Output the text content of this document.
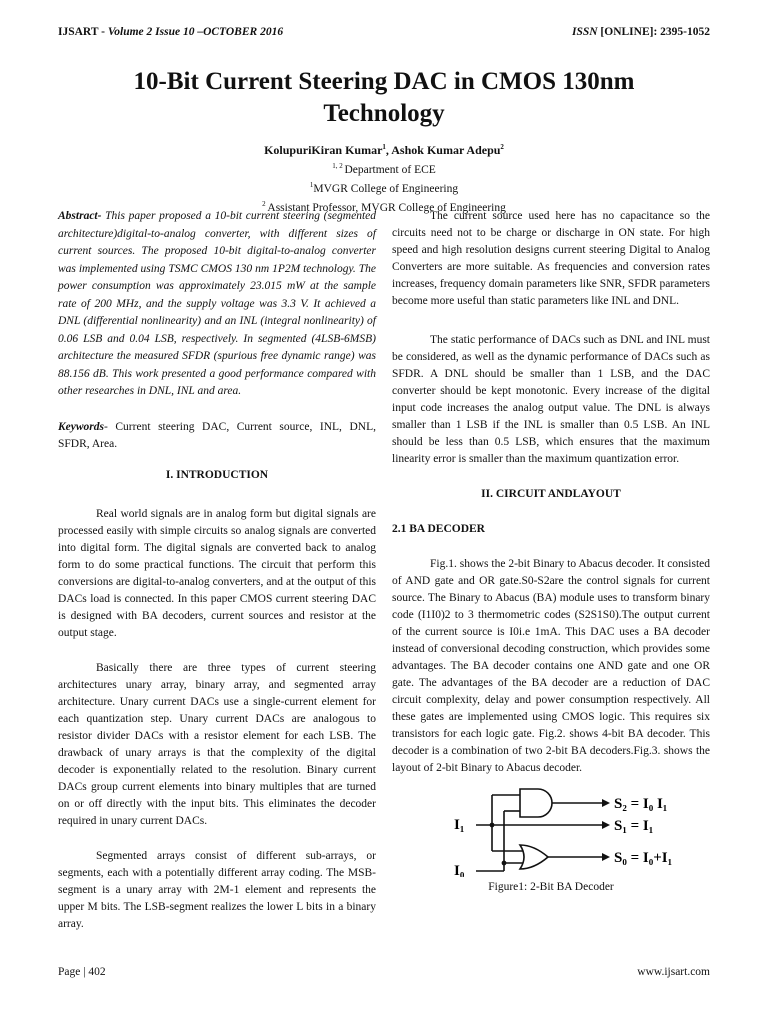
IJSART - Volume 2 Issue 10 –OCTOBER 2016	ISSN [ONLINE]: 2395-1052
10-Bit Current Steering DAC in CMOS 130nm
Technology
KolupuriKiran Kumar$^1$, Ashok Kumar Adepu$^2$
$^{1, 2}$ Department of ECE
$^1$MVGR College of Engineering
$^2$ Assistant Professor, MVGR College of Engineering

Abstract- This paper proposed a 10-bit current steering (segmented architecture)digital-to-analog converter, with different sizes of current sources. The proposed 10-bit digital-to-analog converter was implemented using TSMC CMOS 130 nm 1P2M technology. The power consumption was approximately 23.015 mW at the sample rate of 200 MHz, and the supply voltage was 3.3 V. It achieved a DNL (differential nonlinearity) and an INL (integral nonlinearity) of 0.06 LSB and 0.04 LSB, respectively. In segmented (4LSB-6MSB) architecture the measured SFDR (spurious free dynamic range) was 88.156 dB. This work presented a good performance compared with other researches in DNL, INL and area.

Keywords- Current steering DAC, Current source, INL, DNL, SFDR, Area.

I. INTRODUCTION

Real world signals are in analog form but digital signals are processed easily with simple circuits so analog signals are converted into digital form. The digital signals are converted back to analog form to do some practical functions. The circuit that perform this conversions are digital-to-analog converters, and at the output of this DACs load is connected. In this paper CMOS current steering DAC is designed with BA decoders, current sources and resistor at the output stage.

Basically there are three types of current steering architectures unary array, binary array, and segmented array architecture. Unary current DACs use a single-current element for each quantization step. Unary current DACs are analogous to resistor divider DACs with a resistor element for each LSB. The drawback of unary arrays is that the complexity of the digital decoder is exponentially related to the resolution. Binary current DACs group current elements into binary multiples that are turned on or off directly with the input bits. This eliminates the decoder required in unary current DACs.

Segmented arrays consist of different sub-arrays, or segments, each with a potentially different array coding. The MSB-segment is a unary array with 2M-1 element and represents the upper M bits. The LSB-segment realizes the lower L bits in a binary array.

The current source used here has no capacitance so the circuits need not to be charge or discharge in ON state. For high speed and high resolution designs current steering Digital to Analog Converters are more suitable. As frequencies and conversion rates increases, frequency domain parameters like SNR, SFDR parameters become more useful than static parameters like INL and DNL.

The static performance of DACs such as DNL and INL must be considered, as well as the dynamic performance of DACs such as SFDR. A DNL should be smaller than 1 LSB, and the DAC converter should be kept monotonic. Every increase of the digital input code increases the analog output value. The DNL is always smaller than 1 LSB if the INL is smaller than 0.5 LSB. An INL should be less than 0.5 LSB, which ensures that the maximum linearity error is smaller than the maximum quantization error.

II. CIRCUIT ANDLAYOUT

2.1 BA DECODER

Fig.1. shows the 2-bit Binary to Abacus decoder. It consisted of AND gate and OR gate.S0-S2are the control signals for current source. The Binary to Abacus (BA) module uses to transform binary code (I1I0)2 to 3 thermometric codes (S2S1S0).The output current of the current source is I0i.e 1mA. This DAC uses a BA decoder instead of conversional decoding construction, which provides some advantages. The BA decoder contains one AND gate and one OR gate. The advantages of the BA decoder are a reduction of DAC circuit complexity, delay and power consumption respectively. All these gates are implemented using CMOS logic. This requires six transistors for each logic gate. Fig.2. shows 4-bit BA decoder. This decoder is a combination of two 2-bit BA decoders.Fig.3. shows the layout of 2-bit Binary to Abacus decoder.

I₁
I₀
S₂ = I₀ I₁
S₁ = I₁
S₀ = I₀+I₁
Figure1: 2-Bit BA Decoder
Page | 402	www.ijsart.com
